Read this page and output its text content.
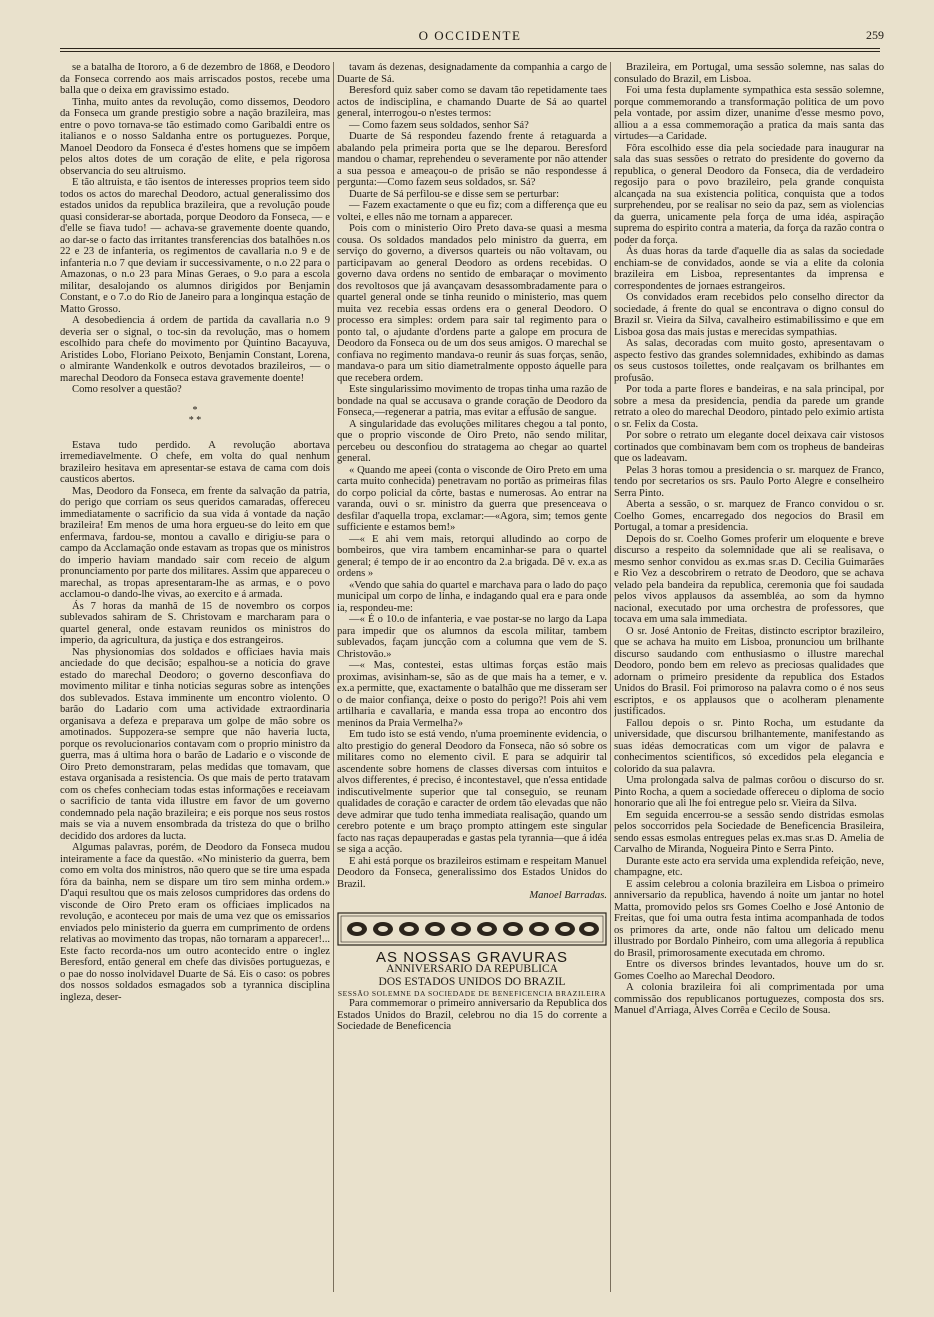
O OCCIDENTE	259

se a batalha de Itororo, a 6 de dezembro de 1868, e Deodoro da Fonseca correndo aos mais arriscados postos, recebe uma balla que o deixa em gravissimo estado.

Tinha, muito antes da revolução, como dissemos, Deodoro da Fonseca um grande prestigio sobre a nação brazileira, mas entre o povo tornava-se tão estimado como Garibaldi entre os italianos e o nosso Saldanha entre os portuguezes. Porque, Manoel Deodoro da Fonseca é d'estes homens que se impõem pelos altos dotes de um coração de elite, e pela rigorosa observancia do seu altruismo.

E tão altruista, e tão isentos de interesses proprios teem sido todos os actos do marechal Deodoro, actual generalissimo dos estados unidos da republica brazileira, que a revolução poude quasi considerar-se abortada, porque Deodoro da Fonseca, — e d'elle se fiava tudo! — achava-se gravemente doente quando, ao dar-se o facto das irritantes transferencias dos batalhões n.os 22 e 23 de infanteria, os regimentos de cavallaria n.o 9 e de infanteria n.o 7 que deviam ir successivamente, o n.o 22 para o Amazonas, o n.o 23 para Minas Geraes, o 9.o para a escola militar, desalojando os alumnos dirigidos por Benjamin Constant, e o 7.o do Rio de Janeiro para a longinqua estação de Matto Grosso.

A desobediencia á ordem de partida da cavallaria n.o 9 deveria ser o signal, o toc-sin da revolução, mas o homem escolhido para chefe do movimento por Quintino Bacayuva, Aristides Lobo, Floriano Peixoto, Benjamin Constant, Lorena, o almirante Wandenkolk e outros devotados brazileiros, — o marechal Deodoro da Fonseca estava gravemente doente!

Como resolver a questão?

*
* *

Estava tudo perdido. A revolução abortava irremediavelmente. O chefe, em volta do qual nenhum brazileiro hesitava em apresentar-se estava de cama com dois causticos abertos.

Mas, Deodoro da Fonseca, em frente da salvação da patria, do perigo que corriam os seus queridos camaradas, offereceu immediatamente o sacrificio da sua vida á vontade da nação brazileira! Em menos de uma hora ergueu-se do leito em que enfermava, fardou-se, montou a cavallo e dirigiu-se para o campo da Acclamação onde estavam as tropas que os ministros do imperio haviam mandado sair com receio de algum pronunciamento por parte dos militares. Assim que appareceu o marechal, as tropas apresentaram-lhe as armas, e o povo acclamou-o dando-lhe vivas, ao exercito e á armada.

Ás 7 horas da manhã de 15 de novembro os corpos sublevados sahiram de S. Christovam e marcharam para o quartel general, onde estavam reunidos os ministros do imperio, da agricultura, da justiça e dos estrangeiros.

Nas physionomias dos soldados e officiaes havia mais anciedade do que decisão; espalhou-se a noticia do grave estado do marechal Deodoro; o governo desconfiava do movimento militar e tinha noticias seguras sobre as intenções dos sublevados. Estava imminente um encontro violento. O barão do Ladario com uma actividade extraordinaria organisava a defeza e preparava um golpe de mão sobre os amotinados. Suppozera-se sempre que não haveria lucta, porque os revolucionarios contavam com o proprio ministro da guerra, mas á ultima hora o barão de Ladario e o visconde de Oiro Preto demonstraram, pelas medidas que tomavam, que estava organisada a resistencia. Os que mais de perto tratavam com os chefes conheciam todas estas informações e receiavam o sacrificio de tanta vida illustre em favor de um governo condemnado pela nação brazileira; e eis porque nos seus rostos mais se via a nuvem ensombrada da tristeza do que o brilho decidido dos ardores da lucta.

Algumas palavras, porém, de Deodoro da Fonseca mudou inteiramente a face da questão. «No ministerio da guerra, bem como em volta dos ministros, não quero que se tire uma espada fóra da bainha, nem se dispare um tiro sem minha ordem.» D'aqui resultou que os mais zelosos cumpridores das ordens do visconde de Oiro Preto eram os officiaes implicados na revolução, e aconteceu por mais de uma vez que os emissarios enviados pelo ministerio da guerra em cumprimento de ordens relativas ao movimento das tropas, não tornaram a apparecer!... Este facto recorda-nos um outro acontecido entre o inglez Beresford, então general em chefe das divisões portuguezas, e o pae do nosso inolvidavel Duarte de Sá. Eis o caso: os pobres dos nossos soldados esmagados sob a tyrannica disciplina ingleza, deser-

tavam ás dezenas, designadamente da companhia a cargo de Duarte de Sá.

Beresford quiz saber como se davam tão repetidamente taes actos de indisciplina, e chamando Duarte de Sá ao quartel general, interrogou-o n'estes termos:

— Como fazem seus soldados, senhor Sá?

Duarte de Sá respondeu fazendo frente á retaguarda a abalando pela primeira porta que se lhe deparou. Beresford mandou o chamar, reprehendeu o severamente por não attender a sua pessoa e ameaçou-o de prisão se não respondesse á pergunta:—Como fazem seus soldados, sr. Sá?

Duarte de Sá perfilou-se e disse sem se perturbar:

— Fazem exactamente o que eu fiz; com a differença que eu voltei, e elles não me tornam a apparecer.

Pois com o ministerio Oiro Preto dava-se quasi a mesma cousa. Os soldados mandados pelo ministro da guerra, em serviço do governo, a diversos quarteis ou não voltavam, ou participavam ao general Deodoro as ordens recebidas. O governo dava ordens no sentido de embaraçar o movimento dos revoltosos que já avançavam desassombradamente para o quartel general onde se tinha reunido o ministerio, mas quem muita vez recebia essas ordens era o general Deodoro. O processo era simples: ordem para sair tal regimento para o ponto tal, o ajudante d'ordens parte a galope em procura de Deodoro da Fonseca ou de um dos seus amigos. O marechal se confiava no regimento mandava-o reunir ás suas forças, senão, mandava-o para um sitio diametralmente opposto áquelle para que recebera ordem.

Este singularissimo movimento de tropas tinha uma razão de bondade na qual se accusava o grande coração de Deodoro da Fonseca,—regenerar a patria, mas evitar a effusão de sangue.

A singularidade das evoluções militares chegou a tal ponto, que o proprio visconde de Oiro Preto, não sendo militar, percebeu ou desconfiou do stratagema ao chegar ao quartel general.

« Quando me apeei (conta o visconde de Oiro Preto em uma carta muito conhecida) penetravam no portão as primeiras filas do corpo policial da côrte, bastas e numerosas. Ao entrar na varanda, ouvi o sr. ministro da guerra que presenceava o desfilar d'aquella tropa, exclamar:—«Agora, sim; temos gente sufficiente e estamos bem!»

—« E ahi vem mais, retorqui alludindo ao corpo de bombeiros, que vira tambem encaminhar-se para o quartel general; é tempo de ir ao encontro da 2.a brigada. Dê v. ex.a as ordens »

«Vendo que sahia do quartel e marchava para o lado do paço municipal um corpo de linha, e indagando qual era e para onde ia, respondeu-me:

—« É o 10.o de infanteria, e vae postar-se no largo da Lapa para impedir que os alumnos da escola militar, tambem sublevados, façam juncção com a columna que vem de S. Christovão.»

—« Mas, contestei, estas ultimas forças estão mais proximas, avisinham-se, são as de que mais ha a temer, e v. ex.a permitte, que, exactamente o batalhão que me disseram ser o de maior confiança, deixe o posto do perigo?! Pois ahi vem artilharia e cavallaria, e manda essa tropa ao encontro dos meninos da Praia Vermelha?»

Em tudo isto se está vendo, n'uma proeminente evidencia, o alto prestigio do general Deodoro da Fonseca, não só sobre os militares como no elemento civil. E para se adquirir tal ascendente sobre homens de classes diversas com intuitos e alvos differentes, é preciso, é incontestavel, que n'essa entidade indiscutivelmente superior que tal conseguio, se reunam qualidades de coração e caracter de ordem tão elevadas que não deve admirar que tudo tenha immediata realisação, quando um cerebro potente e um braço prompto attingem este singular facto nas raças depauperadas e gastas pela tyrannia—que á idéa se siga a acção.

E ahi está porque os brazileiros estimam e respeitam Manuel Deodoro da Fonseca, generalissimo dos Estados Unidos do Brazil.

Manoel Barradas.

AS NOSSAS GRAVURAS

ANNIVERSARIO DA REPUBLICA

DOS ESTADOS UNIDOS DO BRAZIL

SESSÃO SOLEMNE DA SOCIEDADE DE BENEFICENCIA BRAZILEIRA

Para commemorar o primeiro anniversario da Republica dos Estados Unidos do Brazil, celebrou no dia 15 do corrente a Sociedade de Beneficencia

Brazileira, em Portugal, uma sessão solemne, nas salas do consulado do Brazil, em Lisboa.

Foi uma festa duplamente sympathica esta sessão solemne, porque commemorando a transformação politica de um povo pela vontade, por assim dizer, unanime d'esse mesmo povo, alliou a a essa commemoração a pratica da mais santa das virtudes—a Caridade.

Fôra escolhido esse dia pela sociedade para inaugurar na sala das suas sessões o retrato do presidente do governo da republica, o general Deodoro da Fonseca, dia de verdadeiro regosijo para o povo brazileiro, pela grande conquista alcançada na sua existencia politica, conquista que a todos surprehendeu, por se realisar no seio da paz, sem as violencias da guerra, unicamente pela força de uma idéa, aspiração suprema do espirito contra a materia, da força da razão contra o poder da força.

Ás duas horas da tarde d'aquelle dia as salas da sociedade enchiam-se de convidados, aonde se via a elite da colonia brazileira em Lisboa, representantes da imprensa e correspondentes de jornaes estrangeiros.

Os convidados eram recebidos pelo conselho director da sociedade, á frente do qual se encontrava o digno consul do Brazil sr. Vieira da Silva, cavalheiro estimabilissimo e que em Lisboa gosa das mais justas e merecidas sympathias.

As salas, decoradas com muito gosto, apresentavam o aspecto festivo das grandes solemnidades, exhibindo as damas os seus custosos toilettes, onde realçavam os brilhantes em profusão.

Por toda a parte flores e bandeiras, e na sala principal, por sobre a mesa da presidencia, pendia da parede um grande retrato a oleo do marechal Deodoro, pintado pelo eximio artista o sr. Felix da Costa.

Por sobre o retrato um elegante docel deixava cair vistosos cortinados que combinavam bem com os tropheus de bandeiras que os ladeavam.

Pelas 3 horas tomou a presidencia o sr. marquez de Franco, tendo por secretarios os srs. Paulo Porto Alegre e conselheiro Serra Pinto.

Aberta a sessão, o sr. marquez de Franco convidou o sr. Coelho Gomes, encarregado dos negocios do Brasil em Portugal, a tomar a presidencia.

Depois do sr. Coelho Gomes proferir um eloquente e breve discurso a respeito da solemnidade que ali se realisava, o mesmo senhor convidou as ex.mas sr.as D. Cecilia Guimarães e Rio Vez a descobrirem o retrato de Deodoro, que se achava velado pela bandeira da republica, ceremonia que foi saudada pelos vivos applausos da assembléa, ao som da hymno nacional, executado por uma orchestra de professores, que tocava em uma sala immediata.

O sr. José Antonio de Freitas, distincto escriptor brazileiro, que se achava ha muito em Lisboa, pronunciou um brilhante discurso saudando com enthusiasmo o illustre marechal Deodoro, pondo bem em relevo as preciosas qualidades que adornam o primeiro presidente da republica dos Estados Unidos do Brasil. Foi primoroso na palavra como o é nos seus escriptos, e os applausos que o acolheram plenamente justificados.

Fallou depois o sr. Pinto Rocha, um estudante da universidade, que discursou brilhantemente, manifestando as suas idéas democraticas com um vigor de palavra e conhecimentos scientificos, só excedidos pela elegancia e colorido da sua palavra.

Uma prolongada salva de palmas corôou o discurso do sr. Pinto Rocha, a quem a sociedade offereceu o diploma de socio honorario que ali lhe foi entregue pelo sr. Vieira da Silva.

Em seguida encerrou-se a sessão sendo distridas esmolas pelos soccorridos pela Sociedade de Beneficencia Brasileira, sendo essas esmolas entregues pelas ex.mas sr.as D. Amelia de Carvalho de Miranda, Nogueira Pinto e Serra Pinto.

Durante este acto era servida uma explendida refeição, neve, champagne, etc.

E assim celebrou a colonia brazileira em Lisboa o primeiro anniversario da republica, havendo á noite um jantar no hotel Matta, promovido pelos srs Gomes Coelho e José Antonio de Freitas, que foi uma outra festa intima acompanhada de todos os primores da arte, onde não faltou um delicado menu illustrado por Bordalo Pinheiro, com uma allegoria á republica do Brasil, primorosamente executada em chromo.

Entre os diversos brindes levantados, houve um do sr. Gomes Coelho ao Marechal Deodoro.

A colonia brazileira foi ali comprimentada por uma commissão dos republicanos portuguezes, composta dos srs. Manuel d'Arriaga, Alves Corrêa e Cecilo de Sousa.
